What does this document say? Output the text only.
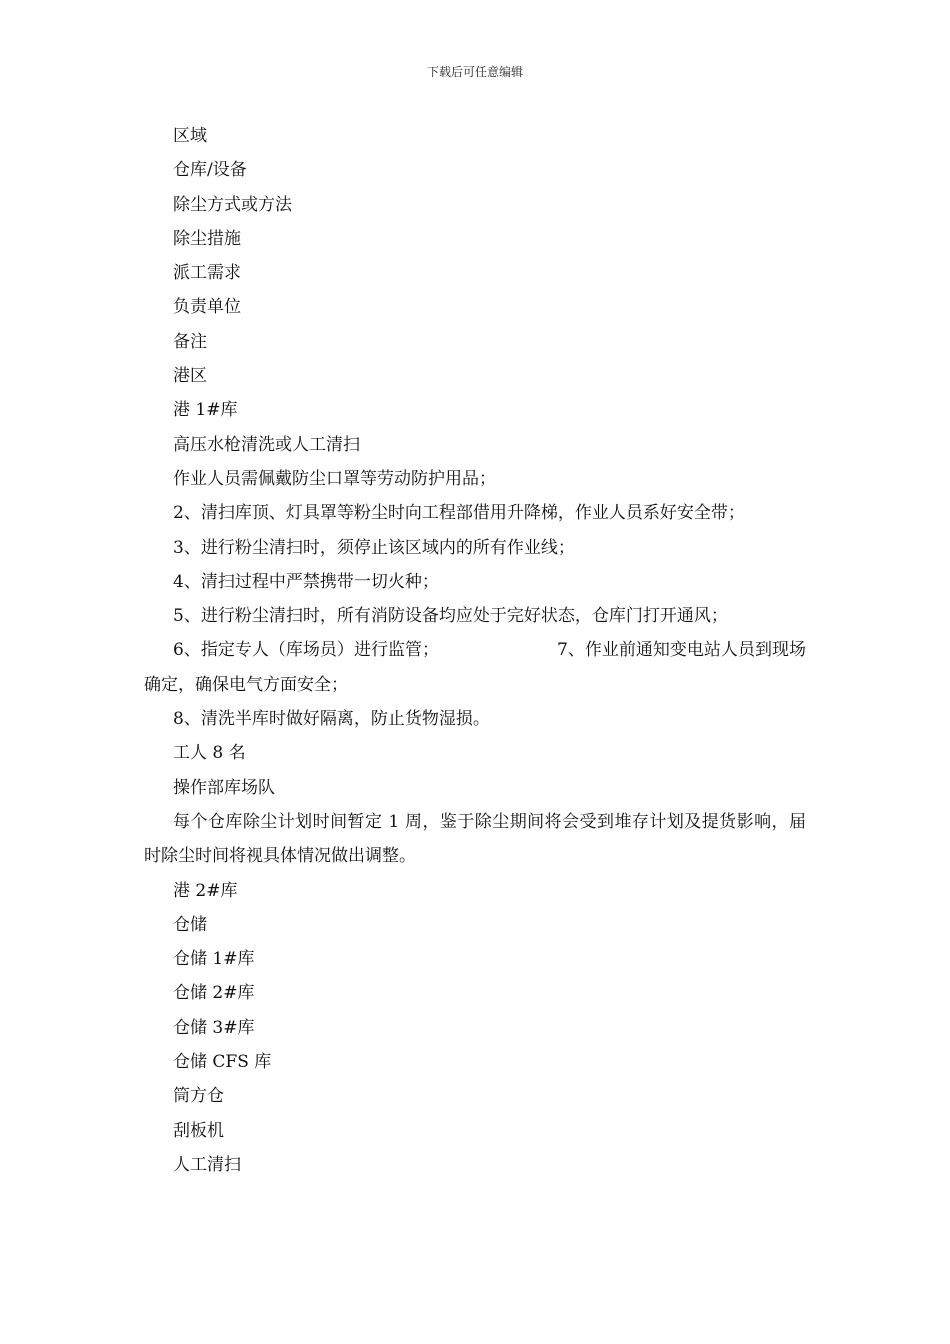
下载后可任意编辑

区域

仓库/设备

除尘方式或方法

除尘措施

派工需求

负责单位

备注

港区

港 1#库

高压水枪清洗或人工清扫

作业人员需佩戴防尘口罩等劳动防护用品；

2、清扫库顶、灯具罩等粉尘时向工程部借用升降梯，作业人员系好安全带；

3、进行粉尘清扫时，须停止该区域内的所有作业线；

4、清扫过程中严禁携带一切火种；

5、进行粉尘清扫时，所有消防设备均应处于完好状态，仓库门打开通风；

6、指定专人（库场员）进行监管；	7、作业前通知变电站人员到现场确定，确保电气方面安全；

8、清洗半库时做好隔离，防止货物湿损。

工人 8 名

操作部库场队

每个仓库除尘计划时间暂定 1 周，鉴于除尘期间将会受到堆存计划及提货影响，届时除尘时间将视具体情况做出调整。

港 2#库

仓储

仓储 1#库

仓储 2#库

仓储 3#库

仓储 CFS 库

筒方仓

刮板机

人工清扫
